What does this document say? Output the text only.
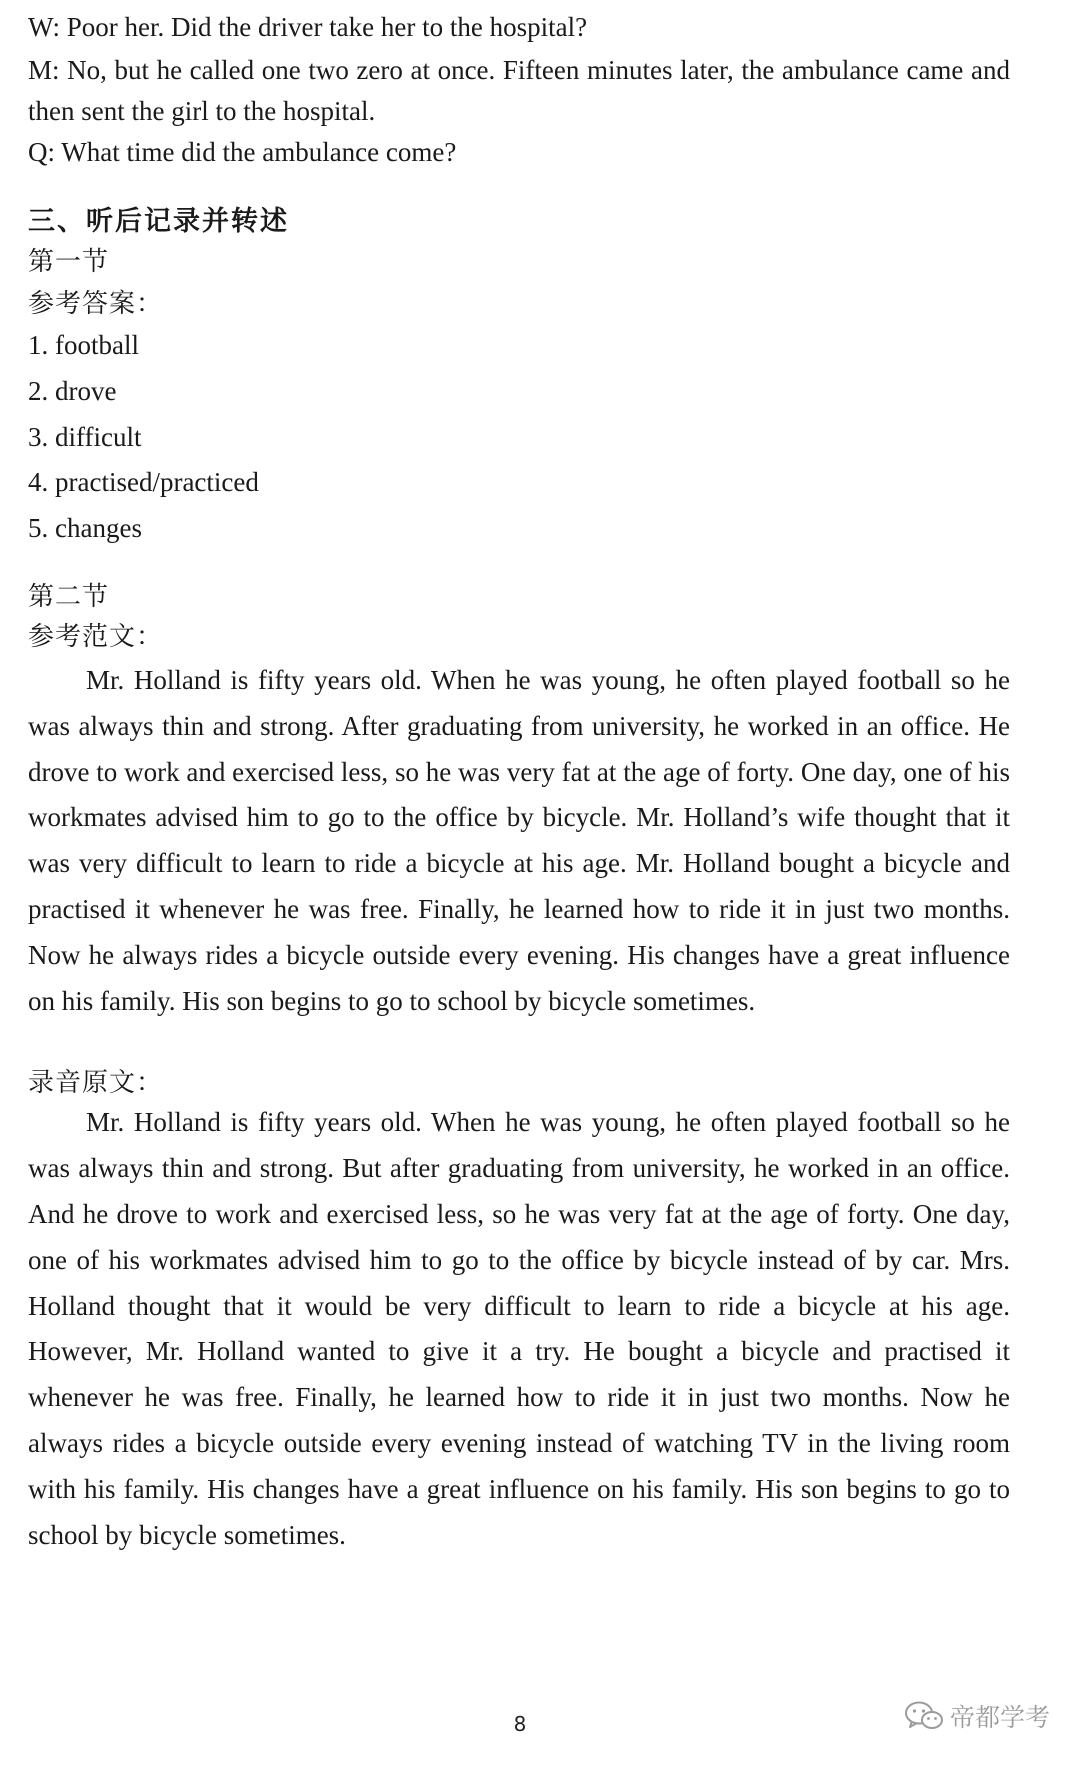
W: Poor her. Did the driver take her to the hospital?

M: No, but he called one two zero at once. Fifteen minutes later, the ambulance came and then sent the girl to the hospital.

Q: What time did the ambulance come?

三、听后记录并转述

第一节

参考答案：

1. football
2. drove
3. difficult
4. practised/practiced
5. changes

第二节

参考范文：

Mr. Holland is fifty years old. When he was young, he often played football so he was always thin and strong. After graduating from university, he worked in an office. He drove to work and exercised less, so he was very fat at the age of forty. One day, one of his workmates advised him to go to the office by bicycle. Mr. Holland’s wife thought that it was very difficult to learn to ride a bicycle at his age. Mr. Holland bought a bicycle and practised it whenever he was free. Finally, he learned how to ride it in just two months. Now he always rides a bicycle outside every evening. His changes have a great influence on his family. His son begins to go to school by bicycle sometimes.

录音原文：

Mr. Holland is fifty years old. When he was young, he often played football so he was always thin and strong. But after graduating from university, he worked in an office. And he drove to work and exercised less, so he was very fat at the age of forty. One day, one of his workmates advised him to go to the office by bicycle instead of by car. Mrs. Holland thought that it would be very difficult to learn to ride a bicycle at his age. However, Mr. Holland wanted to give it a try. He bought a bicycle and practised it whenever he was free. Finally, he learned how to ride it in just two months. Now he always rides a bicycle outside every evening instead of watching TV in the living room with his family. His changes have a great influence on his family. His son begins to go to school by bicycle sometimes.

8	帝都学考
